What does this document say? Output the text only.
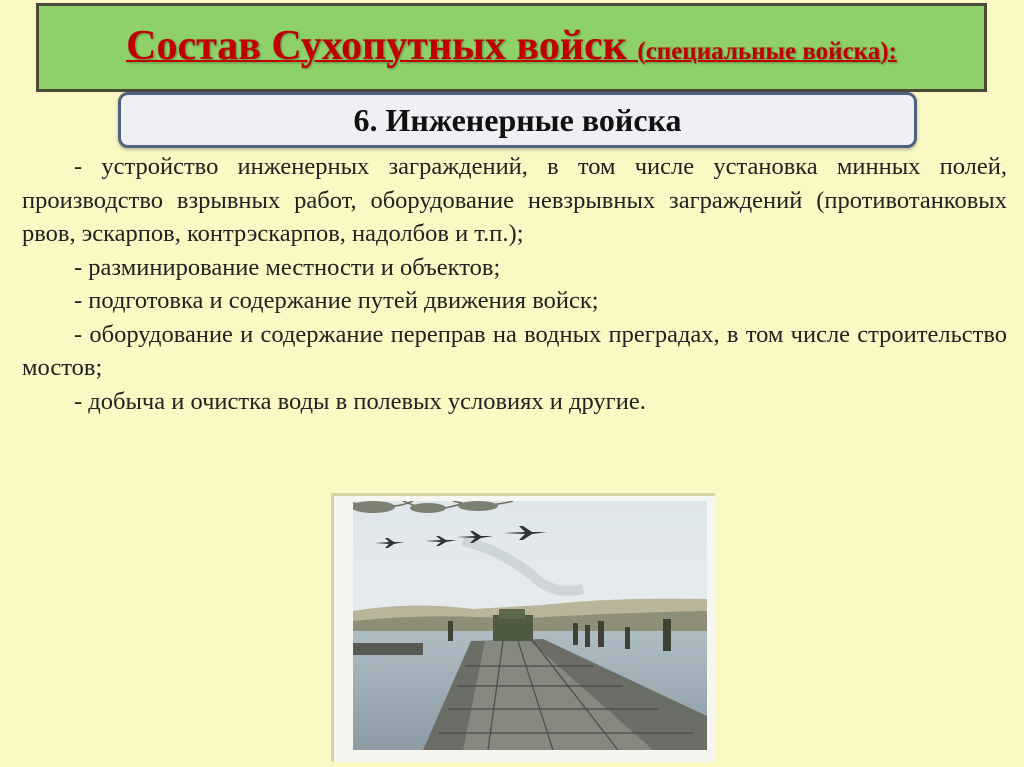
Состав Сухопутных войск (специальные войска):
6. Инженерные войска

- устройство инженерных заграждений, в том числе установка минных полей, производство взрывных работ, оборудование невзрывных заграждений (противотанковых рвов, эскарпов, контрэскарпов, надолбов и т.п.);

- разминирование местности и объектов;

- подготовка и содержание путей движения войск;

- оборудование и содержание переправ на водных преградах, в том числе строительство мостов;

- добыча и очистка воды в полевых условиях и другие.
